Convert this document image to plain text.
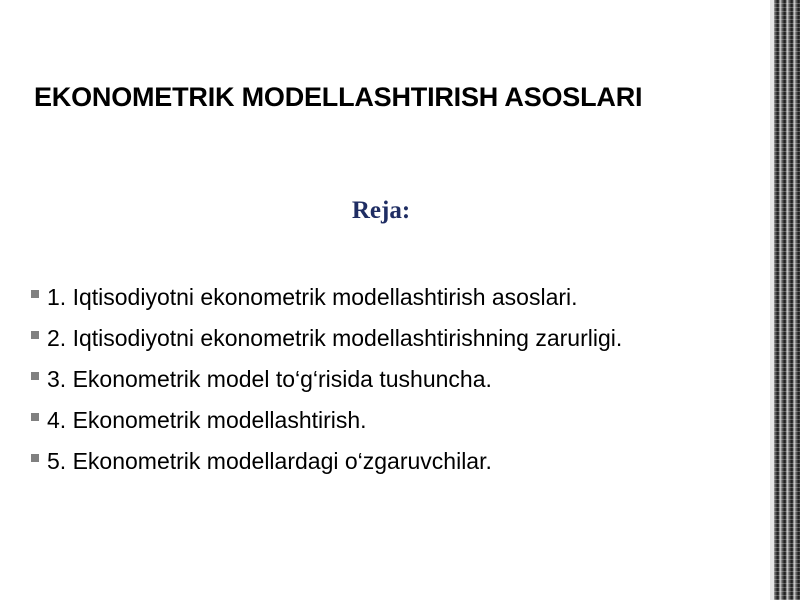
EKONOMETRIK MODELLASHTIRISH ASOSLARI
Reja:
1. Iqtisodiyotni ekonometrik modellashtirish asoslari.
2. Iqtisodiyotni ekonometrik modellashtirishning zarurligi.
3. Ekonometrik model to‘g‘risida tushuncha.
4. Ekonometrik modellashtirish.
5. Ekonometrik modellardagi o‘zgaruvchilar.
